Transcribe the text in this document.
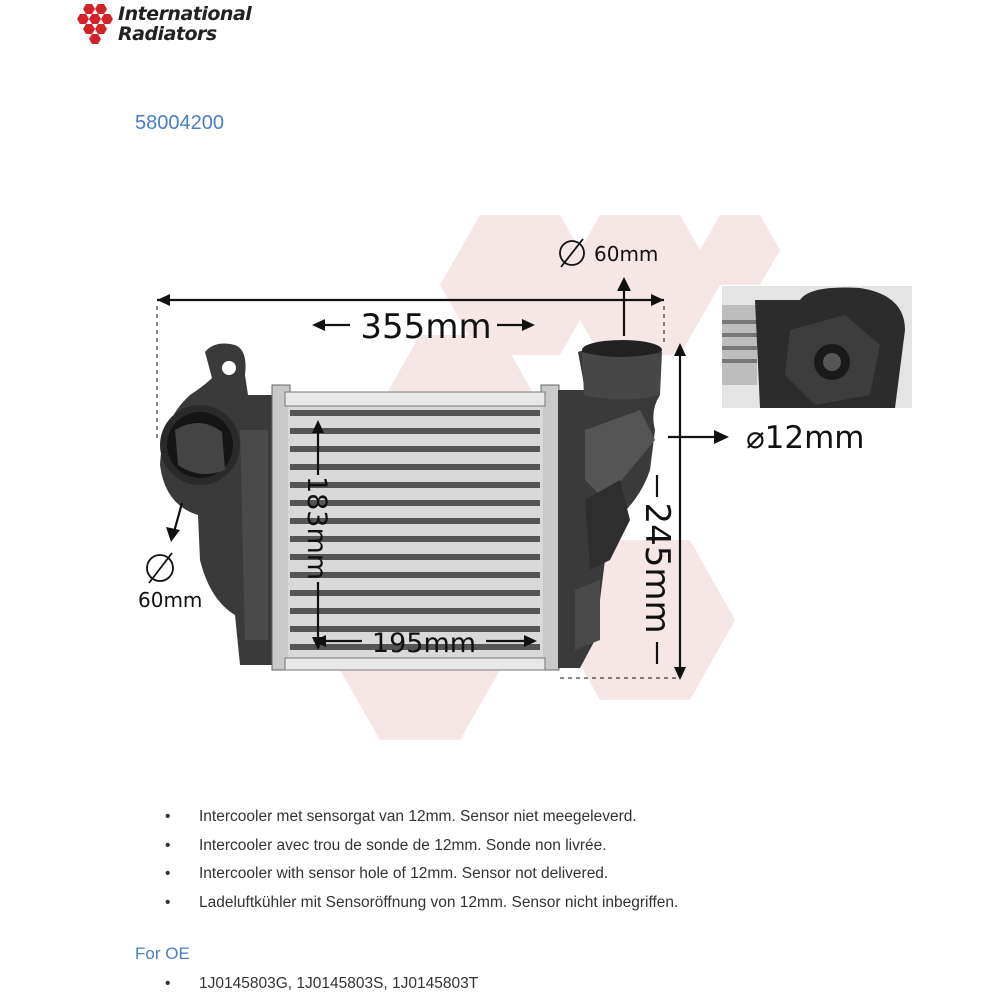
International
Radiators
58004200
355mm
195mm
183mm	245mm
60mm
60mm
⌀12mm
• Intercooler met sensorgat van 12mm. Sensor niet meegeleverd.
• Intercooler avec trou de sonde de 12mm. Sonde non livrée.
• Intercooler with sensor hole of 12mm. Sensor not delivered.
• Ladeluftkühler mit Sensoröffnung von 12mm. Sensor nicht inbegriffen.
For OE
• 1J0145803G, 1J0145803S, 1J0145803T
